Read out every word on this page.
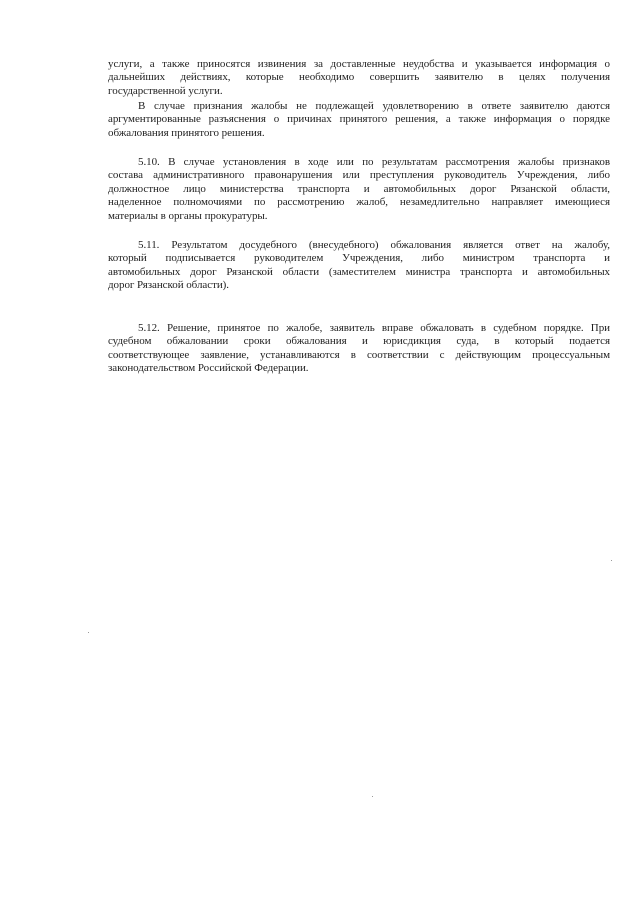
услуги, а также приносятся извинения за доставленные неудобства и указывается информация о
дальнейших действиях, которые необходимо совершить заявителю в целях получения
государственной услуги.

В случае признания жалобы не подлежащей удовлетворению в ответе заявителю даются
аргументированные разъяснения о причинах принятого решения, а также информация о порядке
обжалования принятого решения.

5.10. В случае установления в ходе или по результатам рассмотрения жалобы признаков
состава административного правонарушения или преступления руководитель Учреждения, либо
должностное лицо министерства транспорта и автомобильных дорог Рязанской области,
наделенное полномочиями по рассмотрению жалоб, незамедлительно направляет имеющиеся
материалы в органы прокуратуры.

5.11. Результатом досудебного (внесудебного) обжалования является ответ на жалобу,
который подписывается руководителем Учреждения, либо министром транспорта и
автомобильных дорог Рязанской области (заместителем министра транспорта и автомобильных
дорог Рязанской области).

5.12. Решение, принятое по жалобе, заявитель вправе обжаловать в судебном порядке. При
судебном обжаловании сроки обжалования и юрисдикция суда, в который подается
соответствующее заявление, устанавливаются в соответствии с действующим процессуальным
законодательством Российской Федерации.
